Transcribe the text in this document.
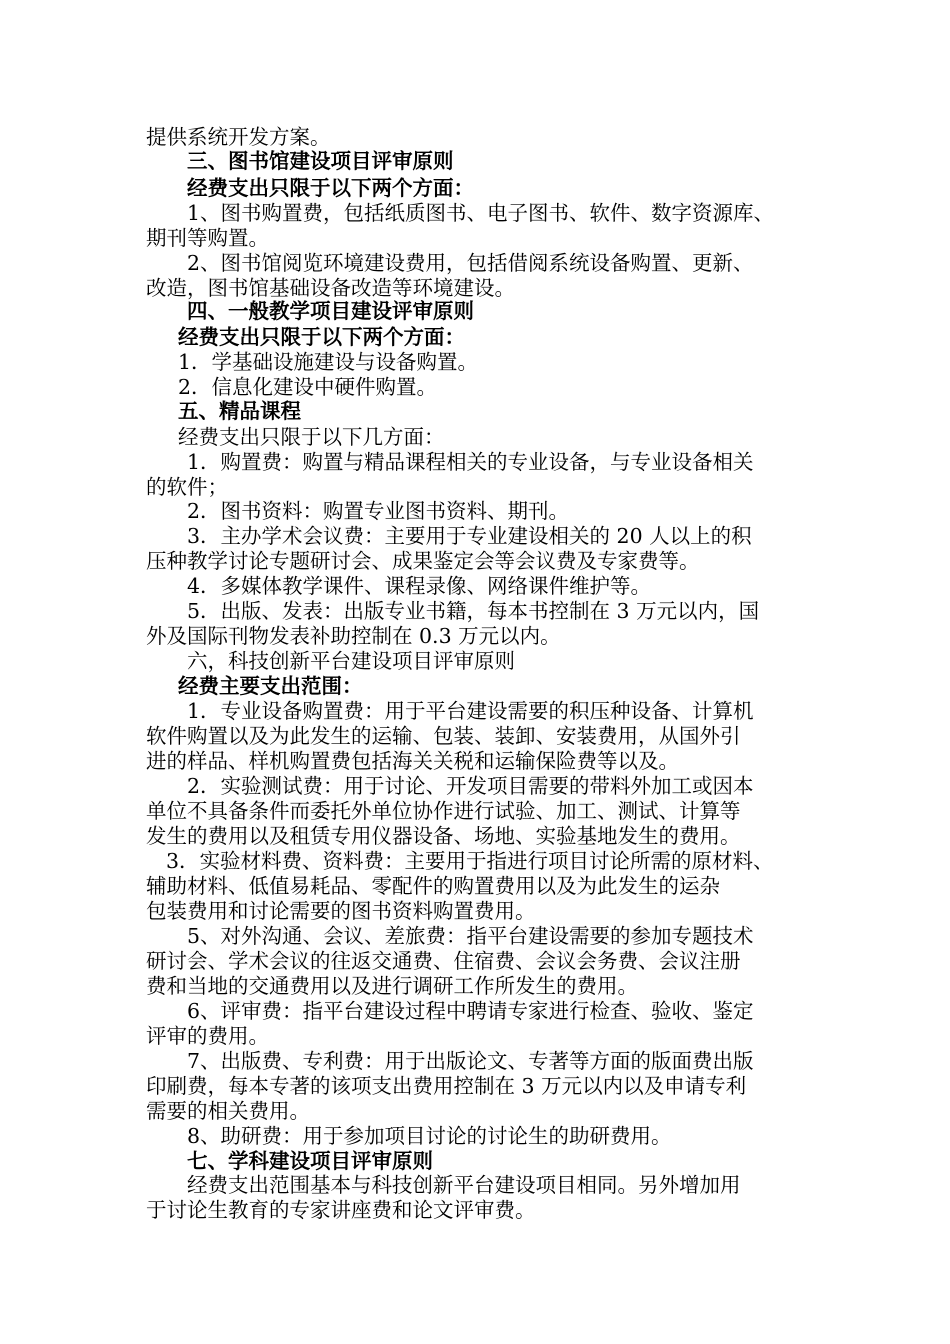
提供系统开发方案。
三、图书馆建设项目评审原则
经费支出只限于以下两个方面：
1、图书购置费，包括纸质图书、电子图书、软件、数字资源库、
期刊等购置。
2、图书馆阅览环境建设费用，包括借阅系统设备购置、更新、
改造，图书馆基础设备改造等环境建设。
四、一般教学项目建设评审原则
经费支出只限于以下两个方面：
1．学基础设施建设与设备购置。
2．信息化建设中硬件购置。
五、精品课程
经费支出只限于以下几方面：
1．购置费：购置与精品课程相关的专业设备，与专业设备相关
的软件；
2．图书资料：购置专业图书资料、期刊。
3．主办学术会议费：主要用于专业建设相关的 20 人以上的积
压种教学讨论专题研讨会、成果鉴定会等会议费及专家费等。
4．多媒体教学课件、课程录像、网络课件维护等。
5．出版、发表：出版专业书籍，每本书控制在 3 万元以内，国
外及国际刊物发表补助控制在 0.3 万元以内。
六，科技创新平台建设项目评审原则
经费主要支出范围：
1．专业设备购置费：用于平台建设需要的积压种设备、计算机
软件购置以及为此发生的运输、包装、装卸、安装费用，从国外引
进的样品、样机购置费包括海关关税和运输保险费等以及。
2．实验测试费：用于讨论、开发项目需要的带料外加工或因本
单位不具备条件而委托外单位协作进行试验、加工、测试、计算等
发生的费用以及租赁专用仪器设备、场地、实验基地发生的费用。
3．实验材料费、资料费：主要用于指进行项目讨论所需的原材料、
辅助材料、低值易耗品、零配件的购置费用以及为此发生的运杂
包装费用和讨论需要的图书资料购置费用。
5、对外沟通、会议、差旅费：指平台建设需要的参加专题技术
研讨会、学术会议的往返交通费、住宿费、会议会务费、会议注册
费和当地的交通费用以及进行调研工作所发生的费用。
6、评审费：指平台建设过程中聘请专家进行检查、验收、鉴定
评审的费用。
7、出版费、专利费：用于出版论文、专著等方面的版面费出版
印刷费，每本专著的该项支出费用控制在 3 万元以内以及申请专利
需要的相关费用。
8、助研费：用于参加项目讨论的讨论生的助研费用。
七、学科建设项目评审原则
经费支出范围基本与科技创新平台建设项目相同。另外增加用
于讨论生教育的专家讲座费和论文评审费。
